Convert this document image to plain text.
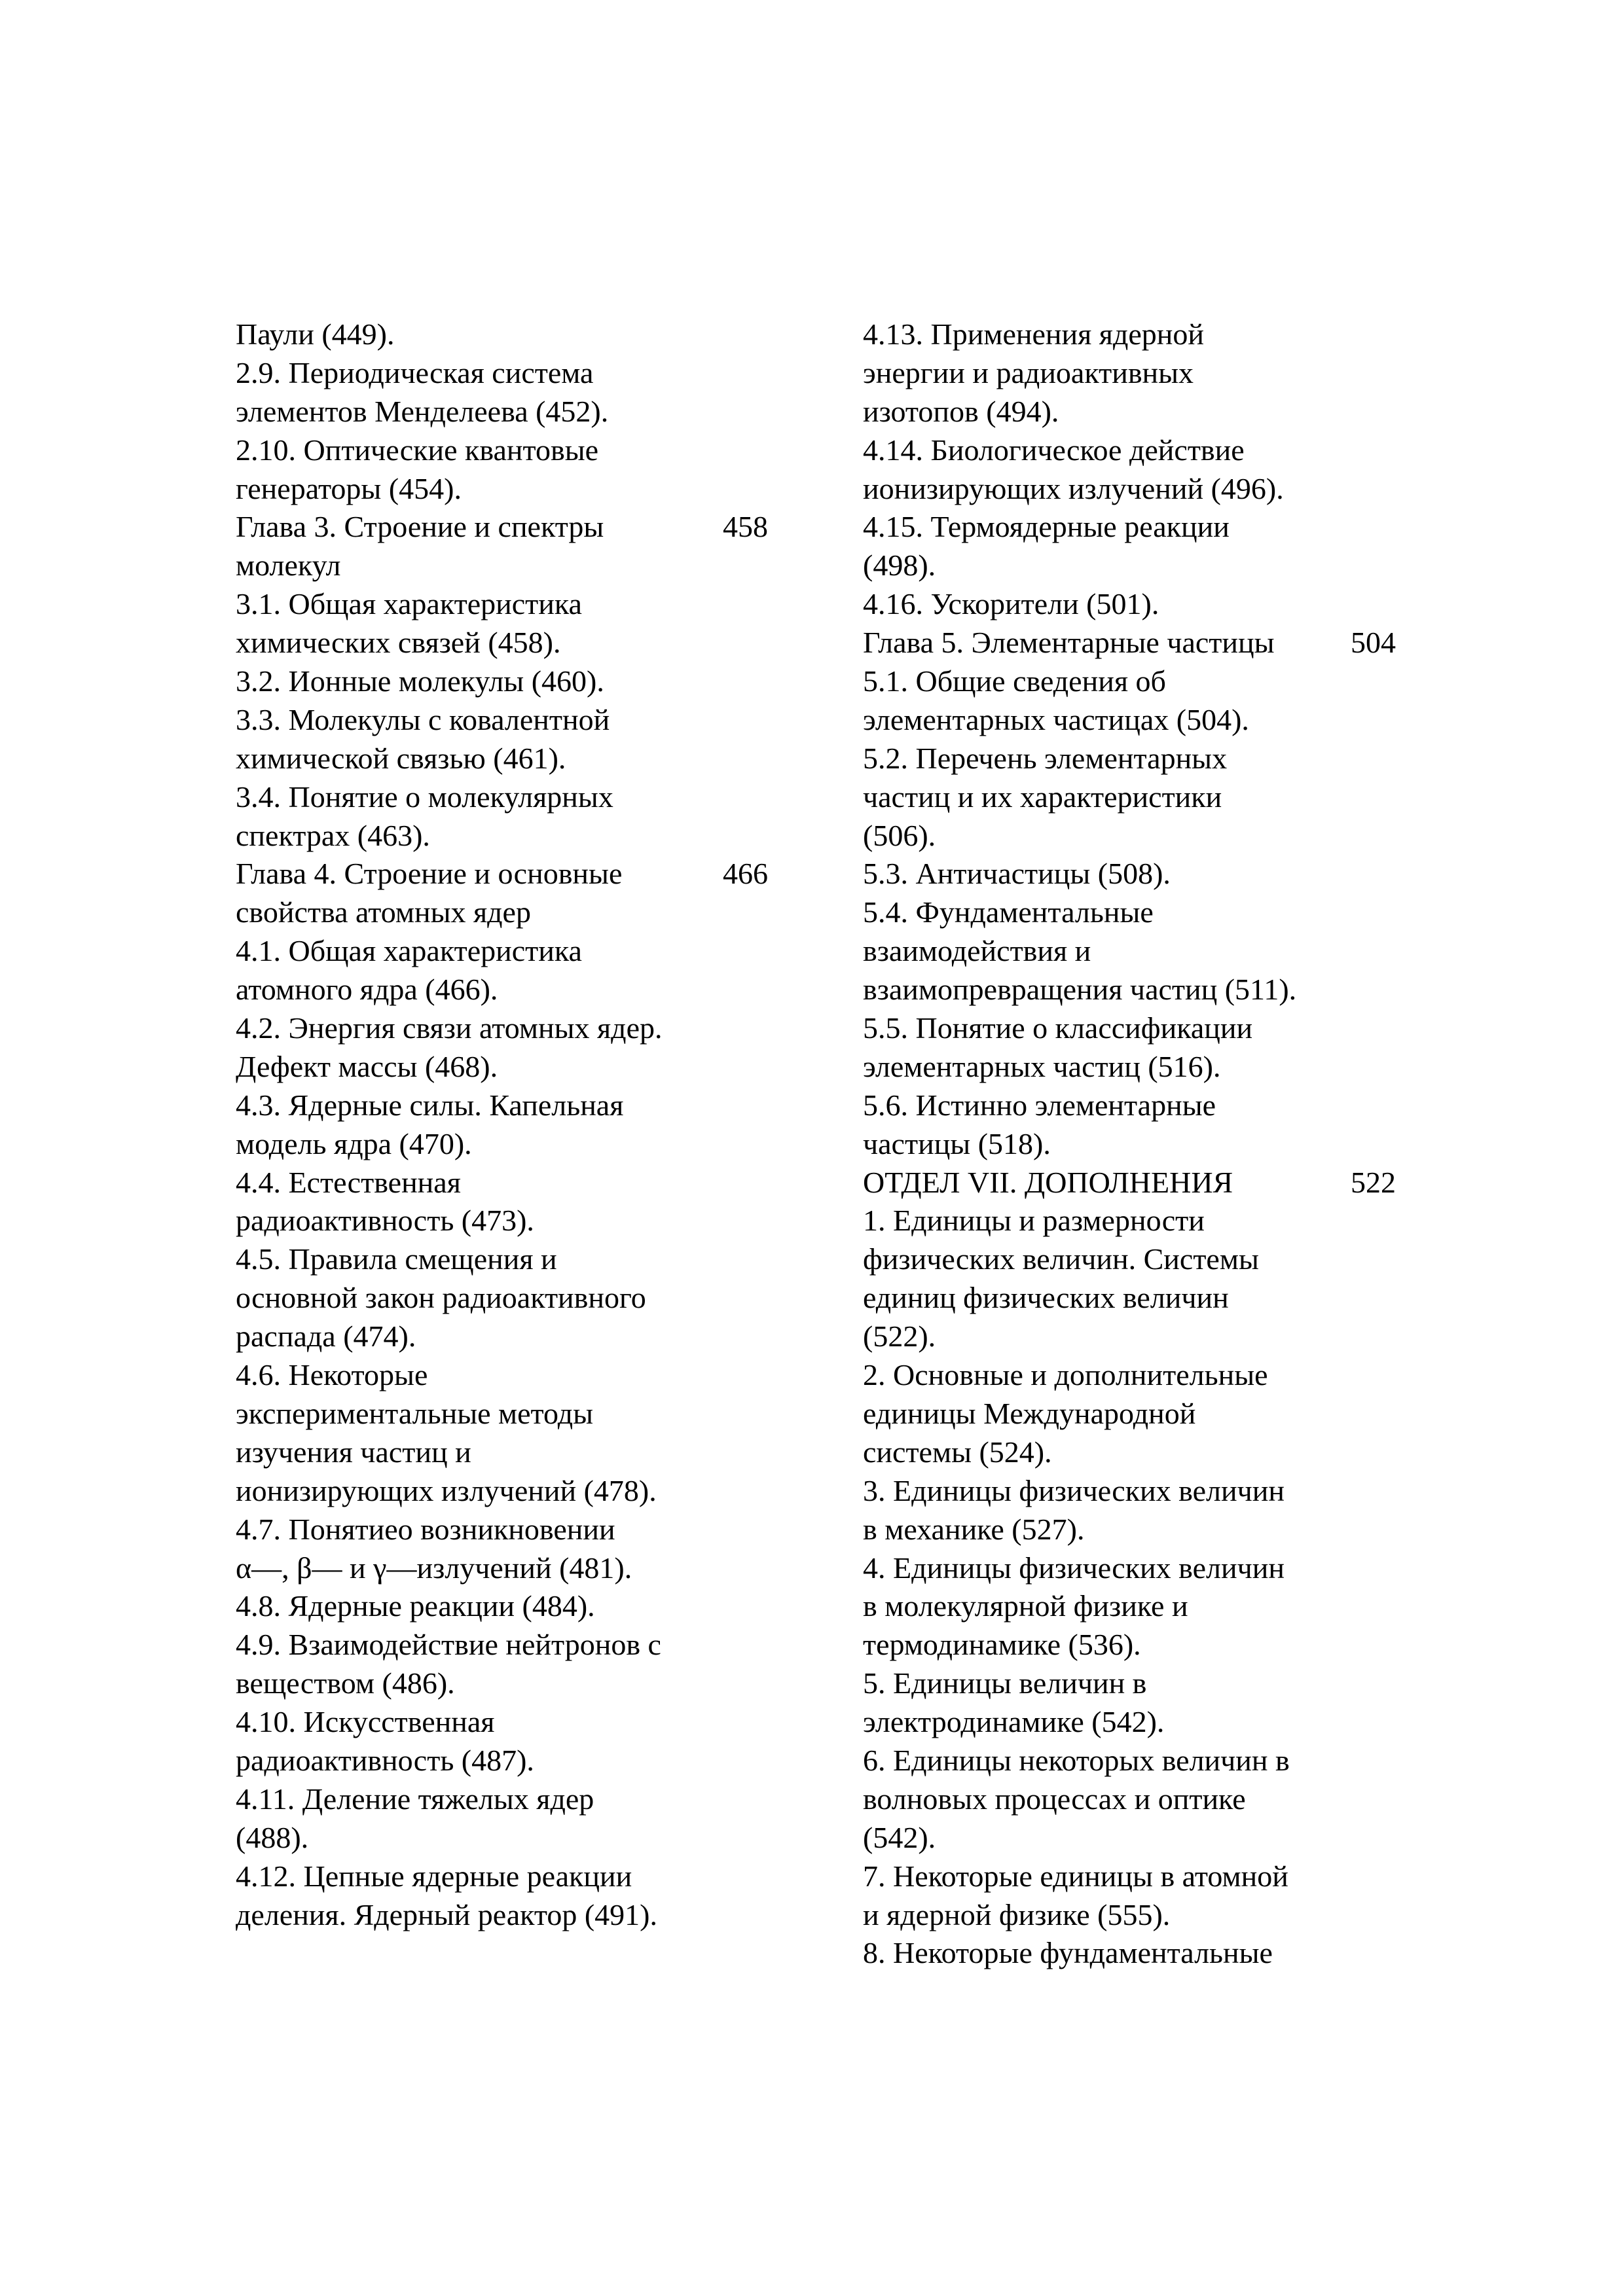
Паули (449).
2.9. Периодическая система
элементов Менделеева (452).
2.10. Оптические квантовые
генераторы (454).
Глава 3. Строение и спектры	458
молекул
3.1. Общая характеристика
химических связей (458).
3.2. Ионные молекулы (460).
3.3. Молекулы с ковалентной
химической связью (461).
3.4. Понятие о молекулярных
спектрах (463).
Глава 4. Строение и основные	466
свойства атомных ядер
4.1. Общая характеристика
атомного ядра (466).
4.2. Энергия связи атомных ядер.
Дефект массы (468).
4.3. Ядерные силы. Капельная
модель ядра (470).
4.4. Естественная
радиоактивность (473).
4.5. Правила смещения и
основной закон радиоактивного
распада (474).
4.6. Некоторые
экспериментальные методы
изучения частиц и
ионизирующих излучений (478).
4.7. Понятиео возникновении
α—, β— и γ—излучений (481).
4.8. Ядерные реакции (484).
4.9. Взаимодействие нейтронов с
веществом (486).
4.10. Искусственная
радиоактивность (487).
4.11. Деление тяжелых ядер
(488).
4.12. Цепные ядерные реакции
деления. Ядерный реактор (491).
4.13. Применения ядерной
энергии и радиоактивных
изотопов (494).
4.14. Биологическое действие
ионизирующих излучений (496).
4.15. Термоядерные реакции
(498).
4.16. Ускорители (501).
Глава 5. Элементарные частицы	504
5.1. Общие сведения об
элементарных частицах (504).
5.2. Перечень элементарных
частиц и их характеристики
(506).
5.3. Античастицы (508).
5.4. Фундаментальные
взаимодействия и
взаимопревращения частиц (511).
5.5. Понятие о классификации
элементарных частиц (516).
5.6. Истинно элементарные
частицы (518).
ОТДЕЛ VII. ДОПОЛНЕНИЯ	522
1. Единицы и размерности
физических величин. Системы
единиц физических величин
(522).
2. Основные и дополнительные
единицы Международной
системы (524).
3. Единицы физических величин
в механике (527).
4. Единицы физических величин
в молекулярной физике и
термодинамике (536).
5. Единицы величин в
электродинамике (542).
6. Единицы некоторых величин в
волновых процессах и оптике
(542).
7. Некоторые единицы в атомной
и ядерной физике (555).
8. Некоторые фундаментальные
